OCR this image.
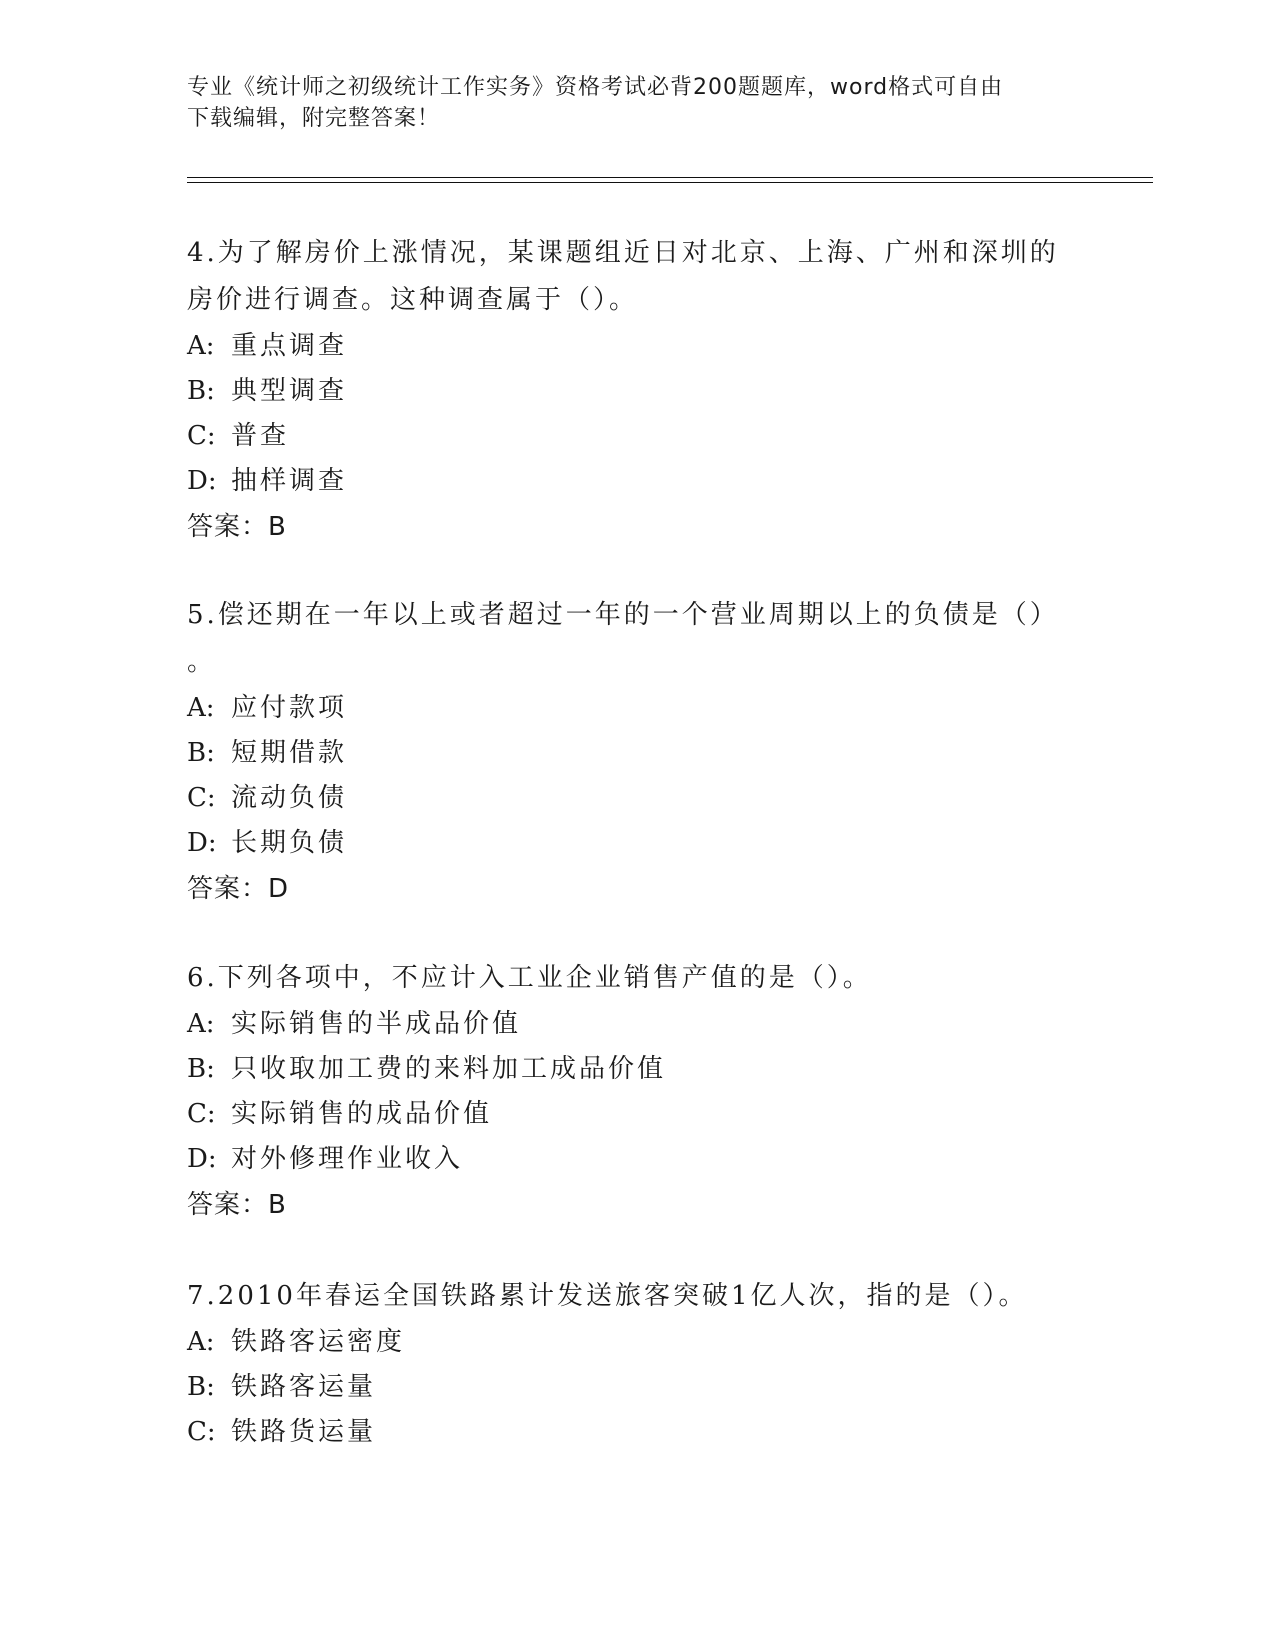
专业《统计师之初级统计工作实务》资格考试必背200题题库，word格式可自由
下载编辑，附完整答案！

4.为了解房价上涨情况，某课题组近日对北京、上海、广州和深圳的

房价进行调查。这种调查属于（）。

A: 重点调查

B: 典型调查

C: 普查

D: 抽样调查

答案：B

5.偿还期在一年以上或者超过一年的一个营业周期以上的负债是（）

。

A: 应付款项

B: 短期借款

C: 流动负债

D: 长期负债

答案：D

6.下列各项中，不应计入工业企业销售产值的是（）。

A: 实际销售的半成品价值

B: 只收取加工费的来料加工成品价值

C: 实际销售的成品价值

D: 对外修理作业收入

答案：B

7.2010年春运全国铁路累计发送旅客突破1亿人次，指的是（）。

A: 铁路客运密度

B: 铁路客运量

C: 铁路货运量
